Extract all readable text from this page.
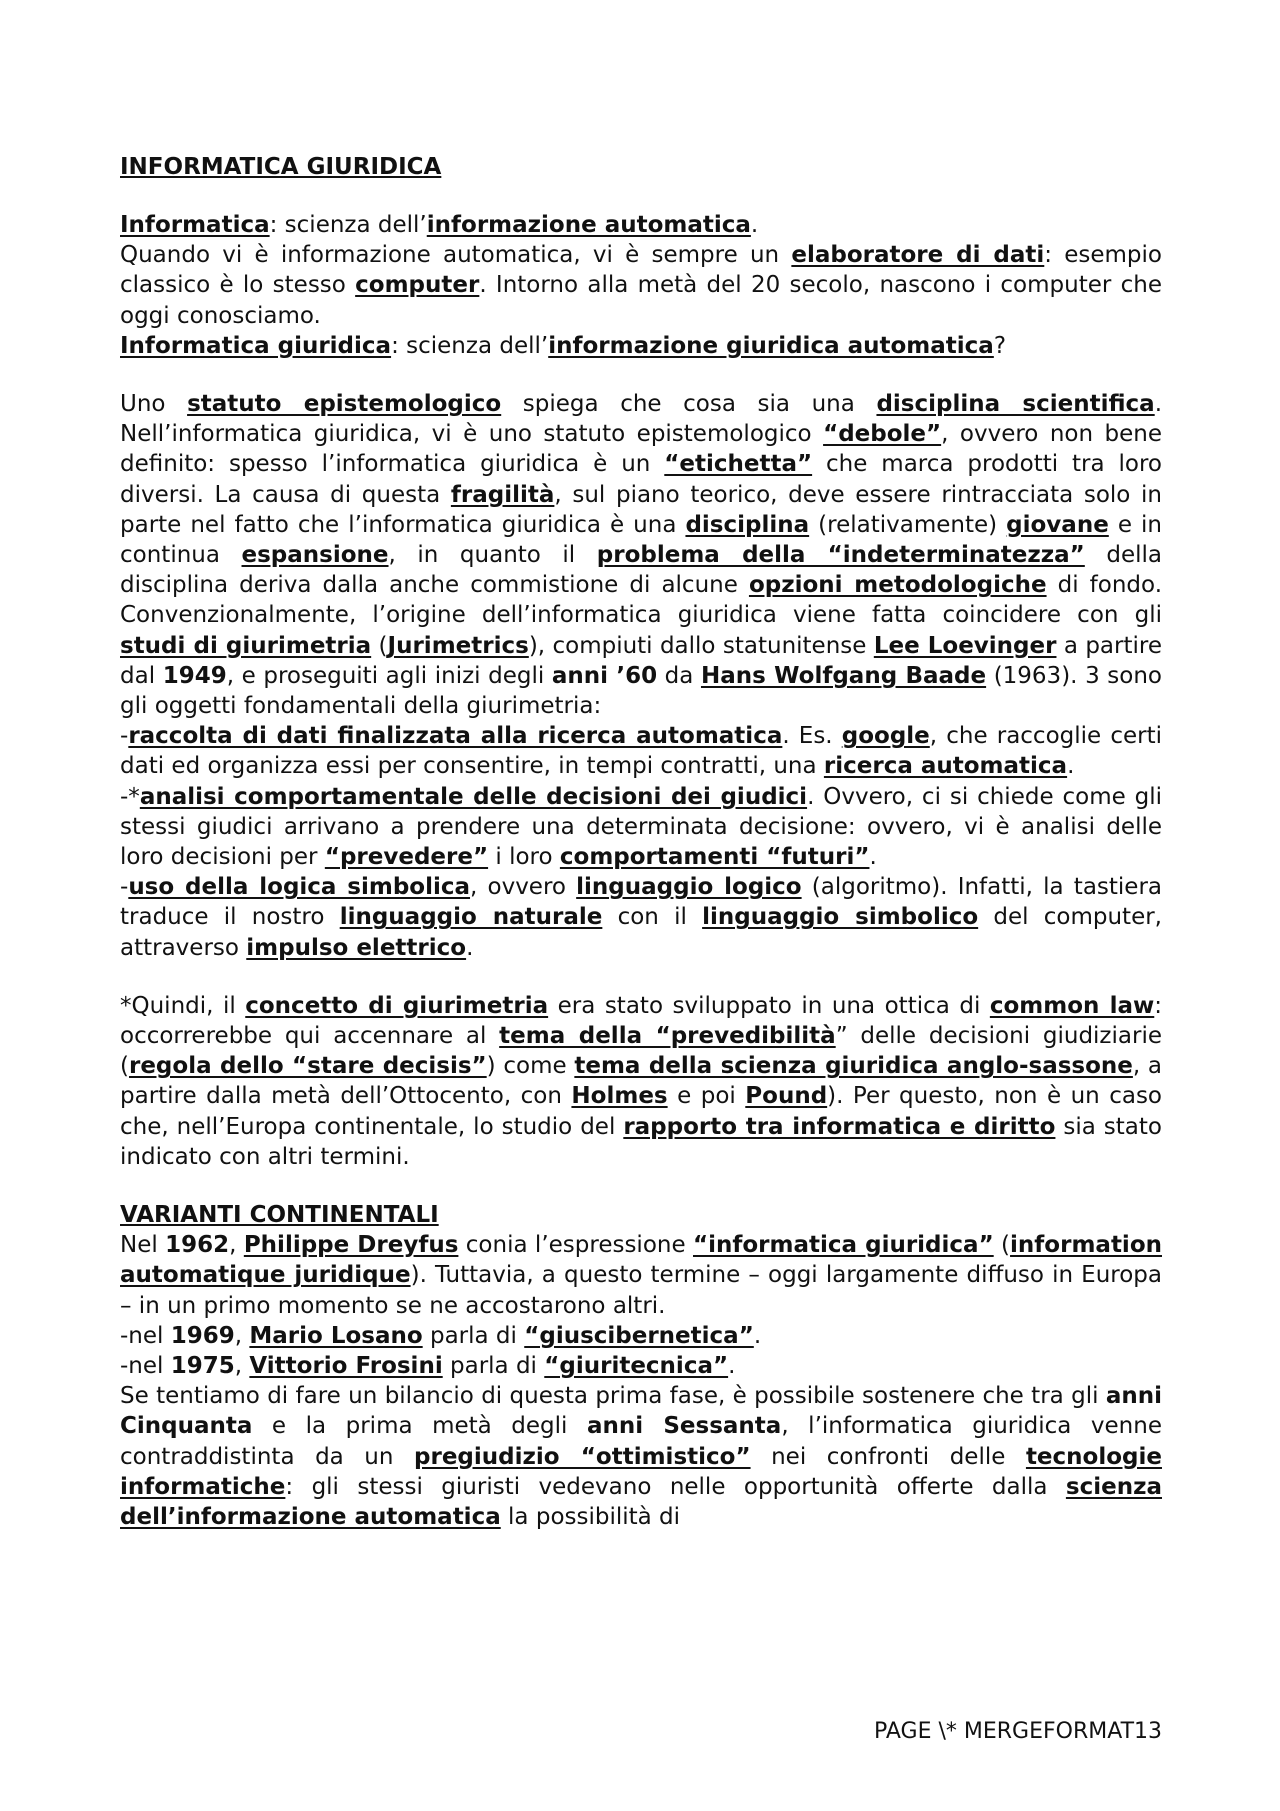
INFORMATICA GIURIDICA

Informatica: scienza dell’informazione automatica.

Quando vi è informazione automatica, vi è sempre un elaboratore di dati: esempio classico è lo stesso computer. Intorno alla metà del 20 secolo, nascono i computer che oggi conosciamo.

Informatica giuridica: scienza dell’informazione giuridica automatica?

Uno statuto epistemologico spiega che cosa sia una disciplina scientifica. Nell’informatica giuridica, vi è uno statuto epistemologico “debole”, ovvero non bene definito: spesso l’informatica giuridica è un “etichetta” che marca prodotti tra loro diversi. La causa di questa fragilità, sul piano teorico, deve essere rintracciata solo in parte nel fatto che l’informatica giuridica è una disciplina (relativamente) giovane e in continua espansione, in quanto il problema della “indeterminatezza” della disciplina deriva dalla anche commistione di alcune opzioni metodologiche di fondo. Convenzionalmente, l’origine dell’informatica giuridica viene fatta coincidere con gli studi di giurimetria (Jurimetrics), compiuti dallo statunitense Lee Loevinger a partire dal 1949, e proseguiti agli inizi degli anni ’60 da Hans Wolfgang Baade (1963). 3 sono gli oggetti fondamentali della giurimetria:

-raccolta di dati finalizzata alla ricerca automatica. Es. google, che raccoglie certi dati ed organizza essi per consentire, in tempi contratti, una ricerca automatica.

-*analisi comportamentale delle decisioni dei giudici. Ovvero, ci si chiede come gli stessi giudici arrivano a prendere una determinata decisione: ovvero, vi è analisi delle loro decisioni per “prevedere” i loro comportamenti “futuri”.

-uso della logica simbolica, ovvero linguaggio logico (algoritmo). Infatti, la tastiera traduce il nostro linguaggio naturale con il linguaggio simbolico del computer, attraverso impulso elettrico.

*Quindi, il concetto di giurimetria era stato sviluppato in una ottica di common law: occorrerebbe qui accennare al tema della “prevedibilità” delle decisioni giudiziarie (regola dello “stare decisis”) come tema della scienza giuridica anglo-sassone, a partire dalla metà dell’Ottocento, con Holmes e poi Pound). Per questo, non è un caso che, nell’Europa continentale, lo studio del rapporto tra informatica e diritto sia stato indicato con altri termini.

VARIANTI CONTINENTALI

Nel 1962, Philippe Dreyfus conia l’espressione “informatica giuridica” (information automatique juridique). Tuttavia, a questo termine – oggi largamente diffuso in Europa – in un primo momento se ne accostarono altri.

-nel 1969, Mario Losano parla di “giuscibernetica”.

-nel 1975, Vittorio Frosini parla di “giuritecnica”.

Se tentiamo di fare un bilancio di questa prima fase, è possibile sostenere che tra gli anni Cinquanta e la prima metà degli anni Sessanta, l’informatica giuridica venne contraddistinta da un pregiudizio “ottimistico” nei confronti delle tecnologie informatiche: gli stessi giuristi vedevano nelle opportunità offerte dalla scienza dell’informazione automatica la possibilità di

PAGE \* MERGEFORMAT13
